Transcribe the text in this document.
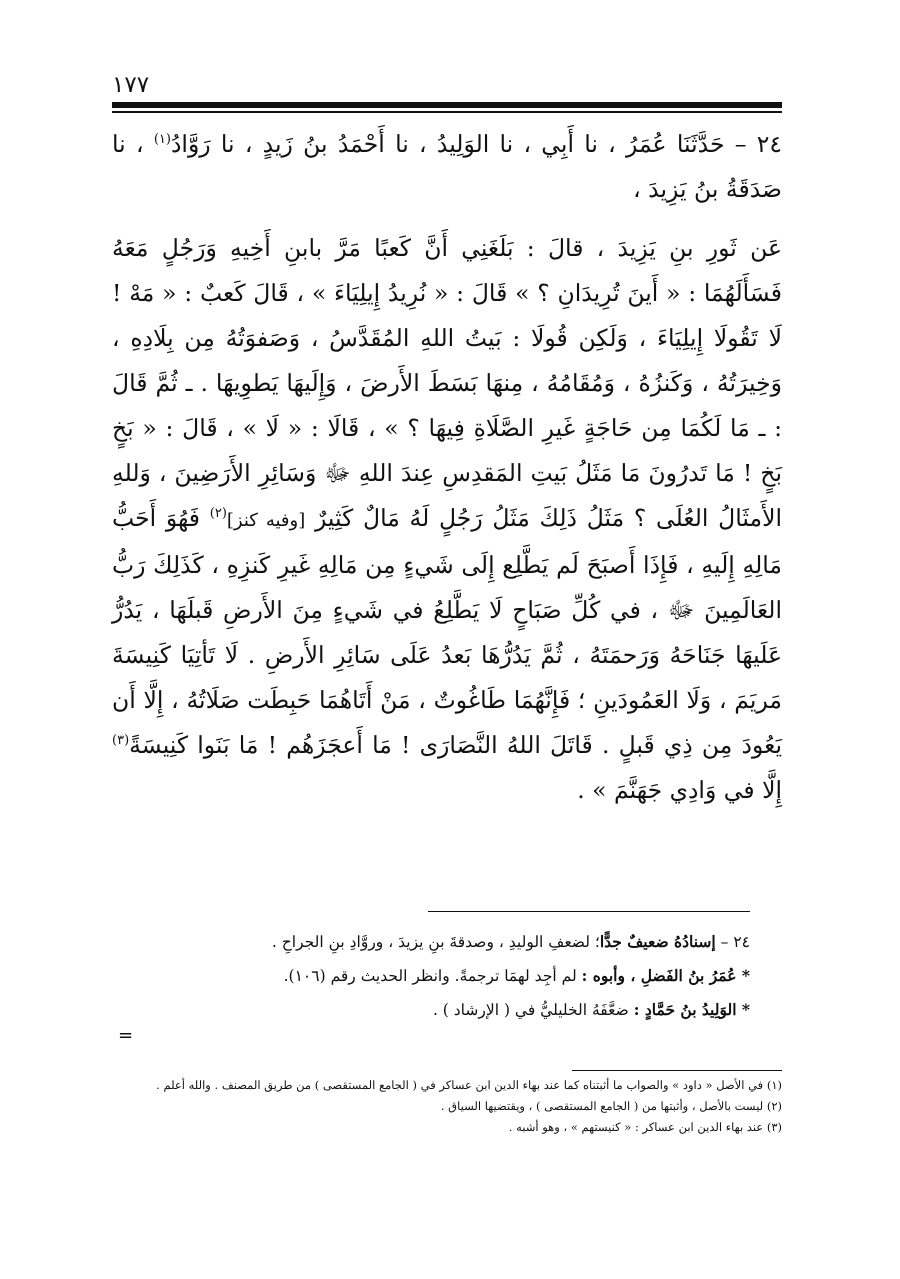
١٧٧

٢٤ – حَدَّثَنَا عُمَرُ ، نا أَبِي ، نا الوَلِيدُ ، نا أَحْمَدُ بنُ زَيدٍ ، نا رَوَّادُ$^{(١)}$ ، نا صَدَقَةُ بنُ يَزِيدَ ،

عَن ثَورِ بنِ يَزِيدَ ، قالَ : بَلَغَنِي أَنَّ كَعبًا مَرَّ بابنِ أَخِيهِ وَرَجُلٍ مَعَهُ فَسَأَلَهُمَا : « أَينَ تُرِيدَانِ ؟ » قَالَ : « نُرِيدُ إِيلِيَاءَ » ، قَالَ كَعبٌ : « مَهْ ! لَا تَقُولَا إِيلِيَاءَ ، وَلَكِن قُولَا : بَيتُ اللهِ المُقَدَّسُ ، وَصَفوَتُهُ مِن بِلَادِهِ ، وَخِيرَتُهُ ، وَكَنزُهُ ، وَمُقَامُهُ ، مِنهَا بَسَطَ الأَرضَ ، وَإِلَيهَا يَطوِيهَا . ـ ثُمَّ قَالَ : ـ مَا لَكُمَا مِن حَاجَةٍ غَيرِ الصَّلَاةِ فِيهَا ؟ » ، قَالَا : « لَا » ، قَالَ : « بَخٍ بَخٍ ! مَا تَدرُونَ مَا مَثَلُ بَيتِ المَقدِسِ عِندَ اللهِ ﷻ وَسَائِرِ الأَرَضِينَ ، وَللهِ الأَمثَالُ العُلَى ؟ مَثَلُ ذَلِكَ مَثَلُ رَجُلٍ لَهُ مَالٌ كَثِيرٌ [وفيه كنز]$^{(٢)}$ فَهُوَ أَحَبُّ مَالِهِ إِلَيهِ ، فَإِذَا أَصبَحَ لَم يَطَّلِع إِلَى شَيءٍ مِن مَالِهِ غَيرِ كَنزِهِ ، كَذَلِكَ رَبُّ العَالَمِينَ ﷻ ، في كُلِّ صَبَاحٍ لَا يَطَّلِعُ في شَيءٍ مِنَ الأَرضِ قَبلَهَا ، يَدُرُّ عَلَيهَا جَنَاحَهُ وَرَحمَتَهُ ، ثُمَّ يَدُرُّهَا بَعدُ عَلَى سَائِرِ الأَرضِ . لَا تَأتِيَا كَنِيسَةَ مَريَمَ ، وَلَا العَمُودَينِ ؛ فَإِنَّهُمَا طَاغُوتٌ ، مَنْ أَتَاهُمَا حَبِطَت صَلَاتُهُ ، إِلَّا أَن يَعُودَ مِن ذِي قَبلٍ . قَاتَلَ اللهُ النَّصَارَى ! مَا أَعجَزَهُم ! مَا بَنَوا كَنِيسَةً$^{(٣)}$ إِلَّا في وَادِي جَهَنَّمَ » .

٢٤ – إسنادُهُ ضعيفٌ جدًّا؛ لضعفِ الوليدِ ، وصدقةَ بنِ يزيدَ ، وروَّادِ بنِ الجراحِ .
* عُمَرُ بنُ الفَضلِ ، وأبوه : لم أجِد لهمَا ترجمةً. وانظر الحديث رقم (١٠٦).
* الوَلِيدُ بنُ حَمَّادٍ : ضعَّفَهُ الخليليُّ في ( الإرشاد ) .
=
(١) في الأصل « داود » والصواب ما أثبتناه كما عند بهاء الدين ابن عساكر في ( الجامع المستقصى ) من طريق المصنف . والله أعلم .
(٢) ليست بالأصل ، وأثبتها من ( الجامع المستقصى ) ، ويقتضيها السياق .
(٣) عند بهاء الدين ابن عساكر : « كنيستهم » ، وهو أشبه .
